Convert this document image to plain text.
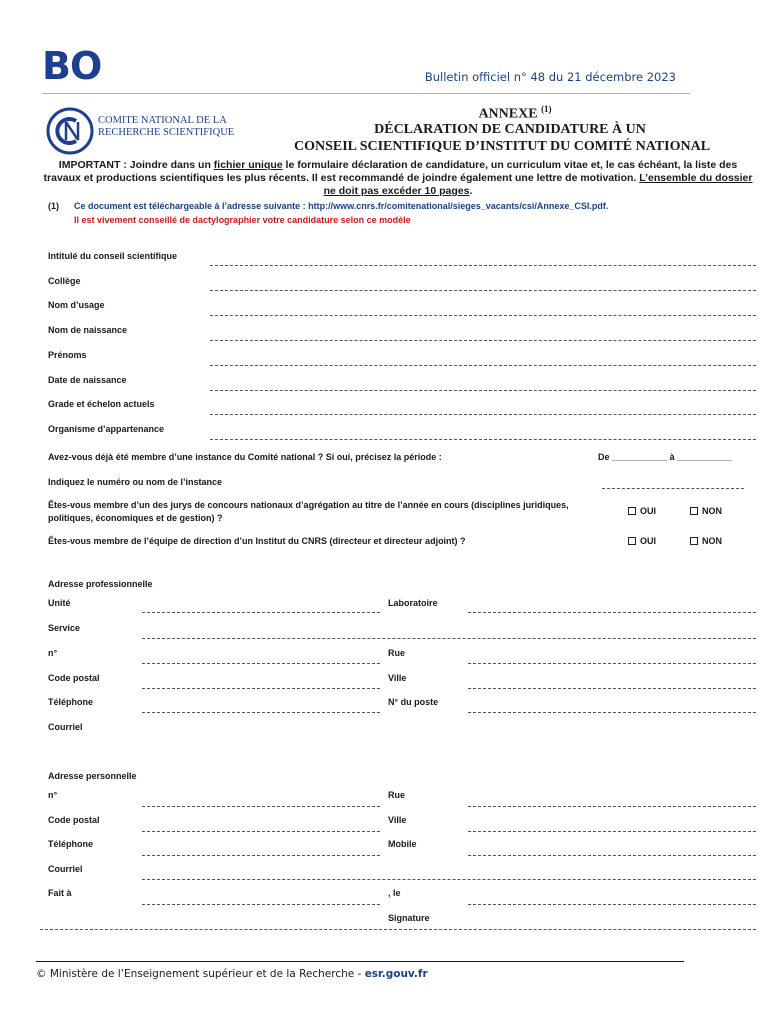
BO	Bulletin officiel n° 48 du 21 décembre 2023
COMITE NATIONAL DE LA
RECHERCHE SCIENTIFIQUE
ANNEXE $^{(1)}$
DÉCLARATION DE CANDIDATURE À UN
CONSEIL SCIENTIFIQUE D’INSTITUT DU COMITÉ NATIONAL
IMPORTANT : Joindre dans un fichier unique le formulaire déclaration de candidature, un curriculum vitae et, le cas échéant, la liste des travaux et productions scientifiques les plus récents. Il est recommandé de joindre également une lettre de motivation. L’ensemble du dossier ne doit pas excéder 10 pages.
(1) Ce document est téléchargeable à l’adresse suivante : http://www.cnrs.fr/comitenational/sieges_vacants/csi/Annexe_CSI.pdf.
Il est vivement conseillé de dactylographier votre candidature selon ce modèle
Intitulé du conseil scientifique
Collège
Nom d’usage
Nom de naissance
Prénoms
Date de naissance
Grade et échelon actuels
Organisme d’appartenance
Avez-vous déjà été membre d’une instance du Comité national ? Si oui, précisez la période :	De ___________ à ___________
Indiquez le numéro ou nom de l’instance
Êtes-vous membre d’un des jurys de concours nationaux d’agrégation au titre de l’année en cours (disciplines juridiques,
politiques, économiques et de gestion) ?
OUI	NON
Êtes-vous membre de l’équipe de direction d’un Institut du CNRS (directeur et directeur adjoint) ?	OUI	NON
Adresse professionnelle
Unité	Laboratoire
Service
n°	Rue
Code postal	Ville
Téléphone	N° du poste
Courriel
Adresse personnelle
n°	Rue
Code postal	Ville
Téléphone	Mobile
Courriel
Fait à	, le
Signature
© Ministère de l’Enseignement supérieur et de la Recherche - esr.gouv.fr
